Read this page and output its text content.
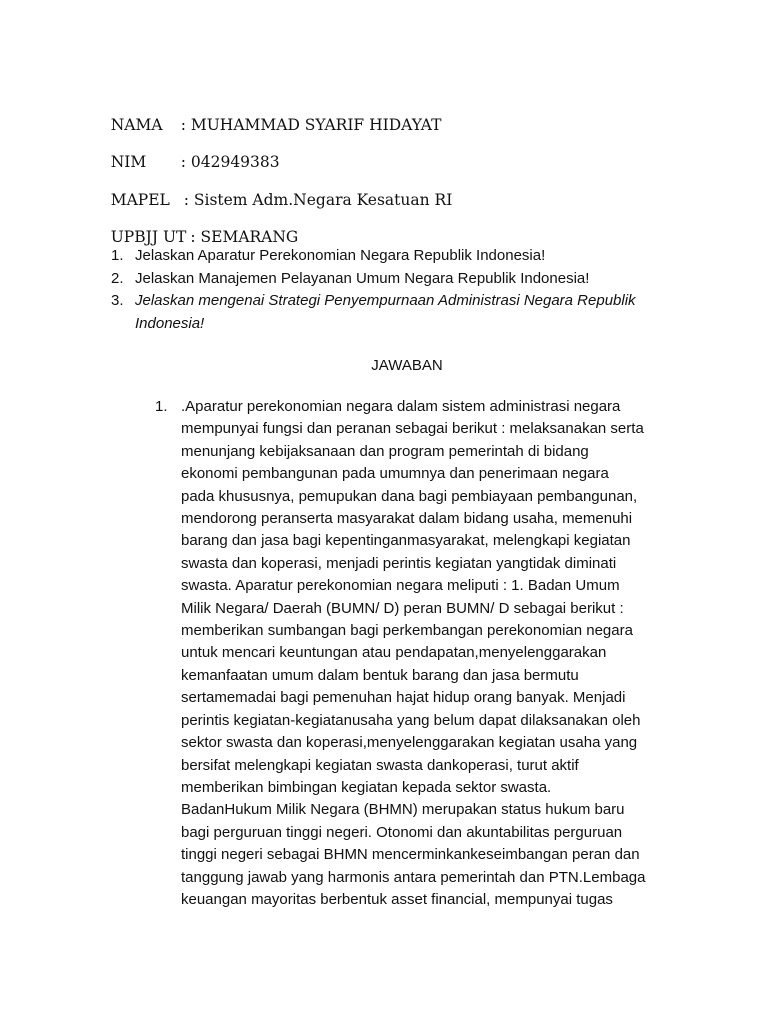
NAMA : MUHAMMAD SYARIF HIDAYAT

NIM : 042949383

MAPEL : Sistem Adm.Negara Kesatuan RI

UPBJJ UT : SEMARANG

1. Jelaskan Aparatur Perekonomian Negara Republik Indonesia!
2. Jelaskan Manajemen Pelayanan Umum Negara Republik Indonesia!
3. Jelaskan mengenai Strategi Penyempurnaan Administrasi Negara Republik
Indonesia!
JAWABAN
1. .Aparatur perekonomian negara dalam sistem administrasi negara
mempunyai fungsi dan peranan sebagai berikut : melaksanakan serta
menunjang kebijaksanaan dan program pemerintah di bidang
ekonomi pembangunan pada umumnya dan penerimaan negara
pada khususnya, pemupukan dana bagi pembiayaan pembangunan,
mendorong peranserta masyarakat dalam bidang usaha, memenuhi
barang dan jasa bagi kepentinganmasyarakat, melengkapi kegiatan
swasta dan koperasi, menjadi perintis kegiatan yangtidak diminati
swasta. Aparatur perekonomian negara meliputi : 1. Badan Umum
Milik Negara/ Daerah (BUMN/ D) peran BUMN/ D sebagai berikut :
memberikan sumbangan bagi perkembangan perekonomian negara
untuk mencari keuntungan atau pendapatan,menyelenggarakan
kemanfaatan umum dalam bentuk barang dan jasa bermutu
sertamemadai bagi pemenuhan hajat hidup orang banyak. Menjadi
perintis kegiatan-kegiatanusaha yang belum dapat dilaksanakan oleh
sektor swasta dan koperasi,menyelenggarakan kegiatan usaha yang
bersifat melengkapi kegiatan swasta dankoperasi, turut aktif
memberikan bimbingan kegiatan kepada sektor swasta.
BadanHukum Milik Negara (BHMN) merupakan status hukum baru
bagi perguruan tinggi negeri. Otonomi dan akuntabilitas perguruan
tinggi negeri sebagai BHMN mencerminkankeseimbangan peran dan
tanggung jawab yang harmonis antara pemerintah dan PTN.Lembaga
keuangan mayoritas berbentuk asset financial, mempunyai tugas
